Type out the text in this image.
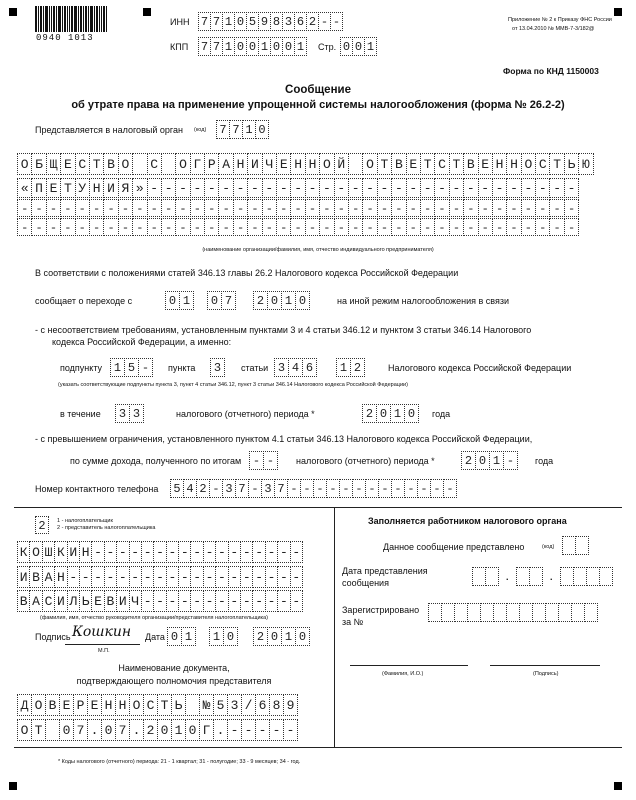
0940 1013
ИНН 7 7 1 0 5 9 8 3 6 2 - -
КПП 7 7 1 0 0 1 0 0 1	Стр. 0 0 1
Приложение № 2 к Приказу ФНС России
от 13.04.2010 № ММВ-7-3/182@
Форма по КНД 1150003
Сообщение
об утрате права на применение упрощенной системы налогообложения (форма № 26.2-2)
Представляется в налоговый орган (код) 7 7 1 0
О Б Щ Е С Т В О С О Г Р А Н И Ч Е Н Н О Й О Т В Е Т С Т В Е Н Н О С Т Ь Ю
« П Е Т У Н И Я » - - - - - - - - - - - - - - - - - - - - - - - - - - - - - -
- - - - - - - - - - - - - - - - - - - - - - - - - - - - - - - - - - - - - - -
- - - - - - - - - - - - - - - - - - - - - - - - - - - - - - - - - - - - - - -
(наименование организации/фамилия, имя, отчество индивидуального предпринимателя)
В соответствии с положениями статей 346.13 главы 26.2 Налогового кодекса Российской Федерации
сообщает о переходе с	0 1	0 7	2 0 1 0	на иной режим налогообложения в связи
- с несоответствием требованиям, установленным пунктами 3 и 4 статьи 346.12 и пунктом 3 статьи 346.14 Налогового
кодекса Российской Федерации, а именно:
подпункту 1 5 -	пункта	3	статьи 3 4 6	1 2	Налогового кодекса Российской Федерации
(указать соответствующие подпункты пункта 3, пункт 4 статьи 346.12, пункт 3 статьи 346.14 Налогового кодекса Российской Федерации)
в течение	3 3	налогового (отчетного) периода *	2 0 1 0	года
- с превышением ограничения, установленного пунктом 4.1 статьи 346.13 Налогового кодекса Российской Федерации,
по сумме дохода, полученного по итогам - -	налогового (отчетного) периода *	2 0 1 -	года
Номер контактного телефона 5 4 2 - 3 7 - 3 7 - - - - - - - - - - - - -
2	1 - налогоплательщик
2 - представитель налогоплательщика
К О Ш К И Н - - - - - - - - - - - - - - - - -
И В А Н - - - - - - - - - - - - - - - - - - -
В А С И Л Ь Е В И Ч - - - - - - - - - - - - -
(фамилия, имя, отчество руководителя организации/представителя налогоплательщика)
Подпись Кошкин
М.П.
Дата 0 1	1 0	2 0 1 0
Наименование документа,
подтверждающего полномочия представителя
Д О В Е Р Е Н Н О С Т Ь № 5 3 / 6 8 9
О Т 0 7 . 0 7 . 2 0 1 0 Г . - - - - -
Заполняется работником налогового органа
Данное сообщение представлено	(код)
Дата представления
сообщения
.	.
Зарегистрировано
за №
(Фамилия, И.О.)	(Подпись)
* Коды налогового (отчетного) периода: 21 - 1 квартал; 31 - полугодие; 33 - 9 месяцев; 34 - год.
